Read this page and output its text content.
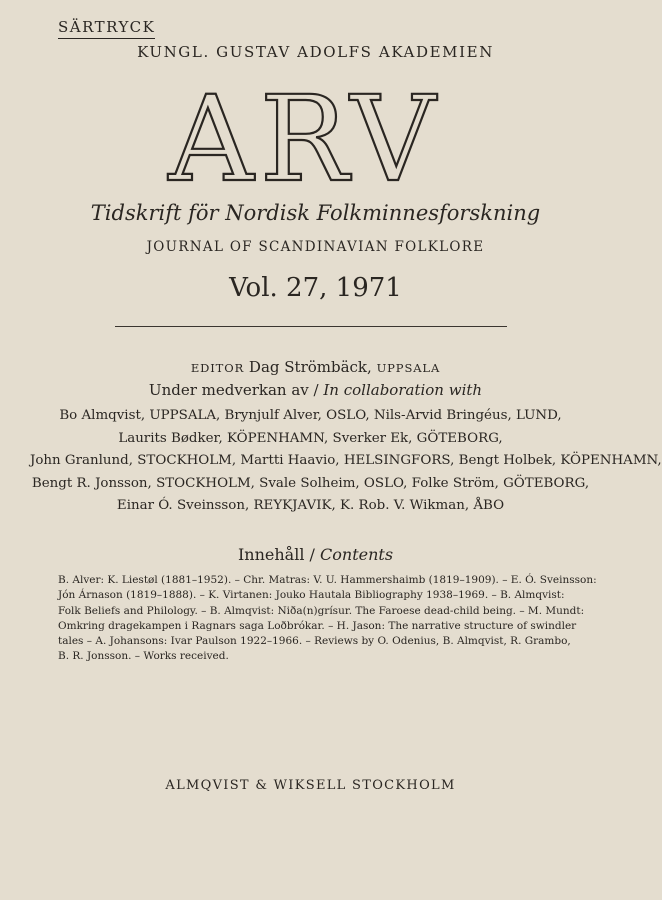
SÄRTRYCK
KUNGL. GUSTAV ADOLFS AKADEMIEN
ARV
Tidskrift för Nordisk Folkminnesforskning
JOURNAL OF SCANDINAVIAN FOLKLORE
Vol. 27, 1971
EDITOR Dag Strömbäck, UPPSALA
Under medverkan av / In collaboration with
Bo Almqvist, UPPSALA, Brynjulf Alver, OSLO, Nils-Arvid Bringéus, LUND,
Laurits Bødker, KÖPENHAMN, Sverker Ek, GÖTEBORG,
John Granlund, STOCKHOLM, Martti Haavio, HELSINGFORS, Bengt Holbek, KÖPENHAMN,
Bengt R. Jonsson, STOCKHOLM, Svale Solheim, OSLO, Folke Ström, GÖTEBORG,
Einar Ó. Sveinsson, REYKJAVIK, K. Rob. V. Wikman, ÅBO
Innehåll / Contents
B. Alver: K. Liestøl (1881–1952). – Chr. Matras: V. U. Hammershaimb (1819–1909). – E. Ó. Sveinsson:
Jón Árnason (1819–1888). – K. Virtanen: Jouko Hautala Bibliography 1938–1969. – B. Almqvist:
Folk Beliefs and Philology. – B. Almqvist: Niða(n)grísur. The Faroese dead-child being. – M. Mundt:
Omkring dragekampen i Ragnars saga Loðbrókar. – H. Jason: The narrative structure of swindler
tales – A. Johansons: Ivar Paulson 1922–1966. – Reviews by O. Odenius, B. Almqvist, R. Grambo,
B. R. Jonsson. – Works received.
ALMQVIST & WIKSELL STOCKHOLM
